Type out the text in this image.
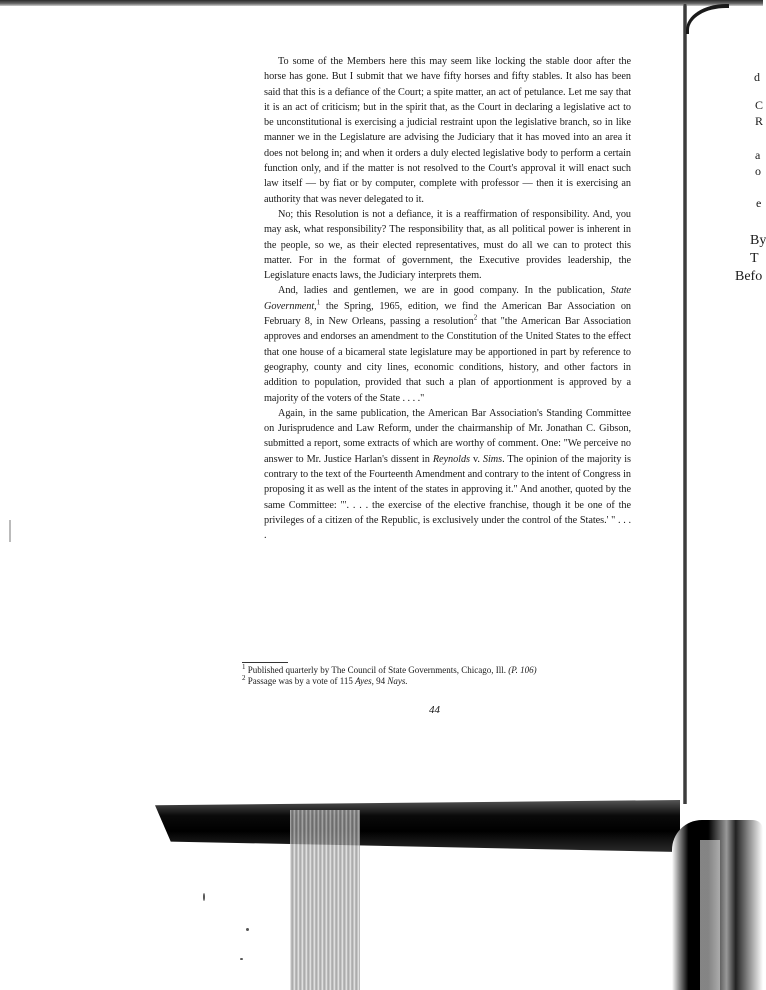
d
C
R
a
o
e
By
T
Befo

To some of the Members here this may seem like locking the stable door after the horse has gone. But I submit that we have fifty horses and fifty stables. It also has been said that this is a defiance of the Court; a spite matter, an act of petulance. Let me say that it is an act of criticism; but in the spirit that, as the Court in declaring a legislative act to be unconstitutional is exercising a judicial restraint upon the legislative branch, so in like manner we in the Legislature are advising the Judiciary that it has moved into an area it does not belong in; and when it orders a duly elected legislative body to perform a certain function only, and if the matter is not resolved to the Court's approval it will enact such law itself — by fiat or by computer, complete with professor — then it is exercising an authority that was never delegated to it.

No; this Resolution is not a defiance, it is a reaffirmation of responsibility. And, you may ask, what responsibility? The responsibility that, as all political power is inherent in the people, so we, as their elected representatives, must do all we can to protect this matter. For in the format of government, the Executive provides leadership, the Legislature enacts laws, the Judiciary interprets them.

And, ladies and gentlemen, we are in good company. In the publication, State Government,$^1$ the Spring, 1965, edition, we find the American Bar Association on February 8, in New Orleans, passing a resolution$^2$ that "the American Bar Association approves and endorses an amendment to the Constitution of the United States to the effect that one house of a bicameral state legislature may be apportioned in part by reference to geography, county and city lines, economic conditions, history, and other factors in addition to population, provided that such a plan of apportionment is approved by a majority of the voters of the State . . . ."

Again, in the same publication, the American Bar Association's Standing Committee on Jurisprudence and Law Reform, under the chairmanship of Mr. Jonathan C. Gibson, submitted a report, some extracts of which are worthy of comment. One: "We perceive no answer to Mr. Justice Harlan's dissent in Reynolds v. Sims. The opinion of the majority is contrary to the text of the Fourteenth Amendment and contrary to the intent of Congress in proposing it as well as the intent of the states in approving it." And another, quoted by the same Committee: "'. . . . the exercise of the elective franchise, though it be one of the privileges of a citizen of the Republic, is exclusively under the control of the States.' " . . . .

$^1$ Published quarterly by The Council of State Governments, Chicago, Ill. (P. 106)
$^2$ Passage was by a vote of 115 Ayes, 94 Nays.
44
